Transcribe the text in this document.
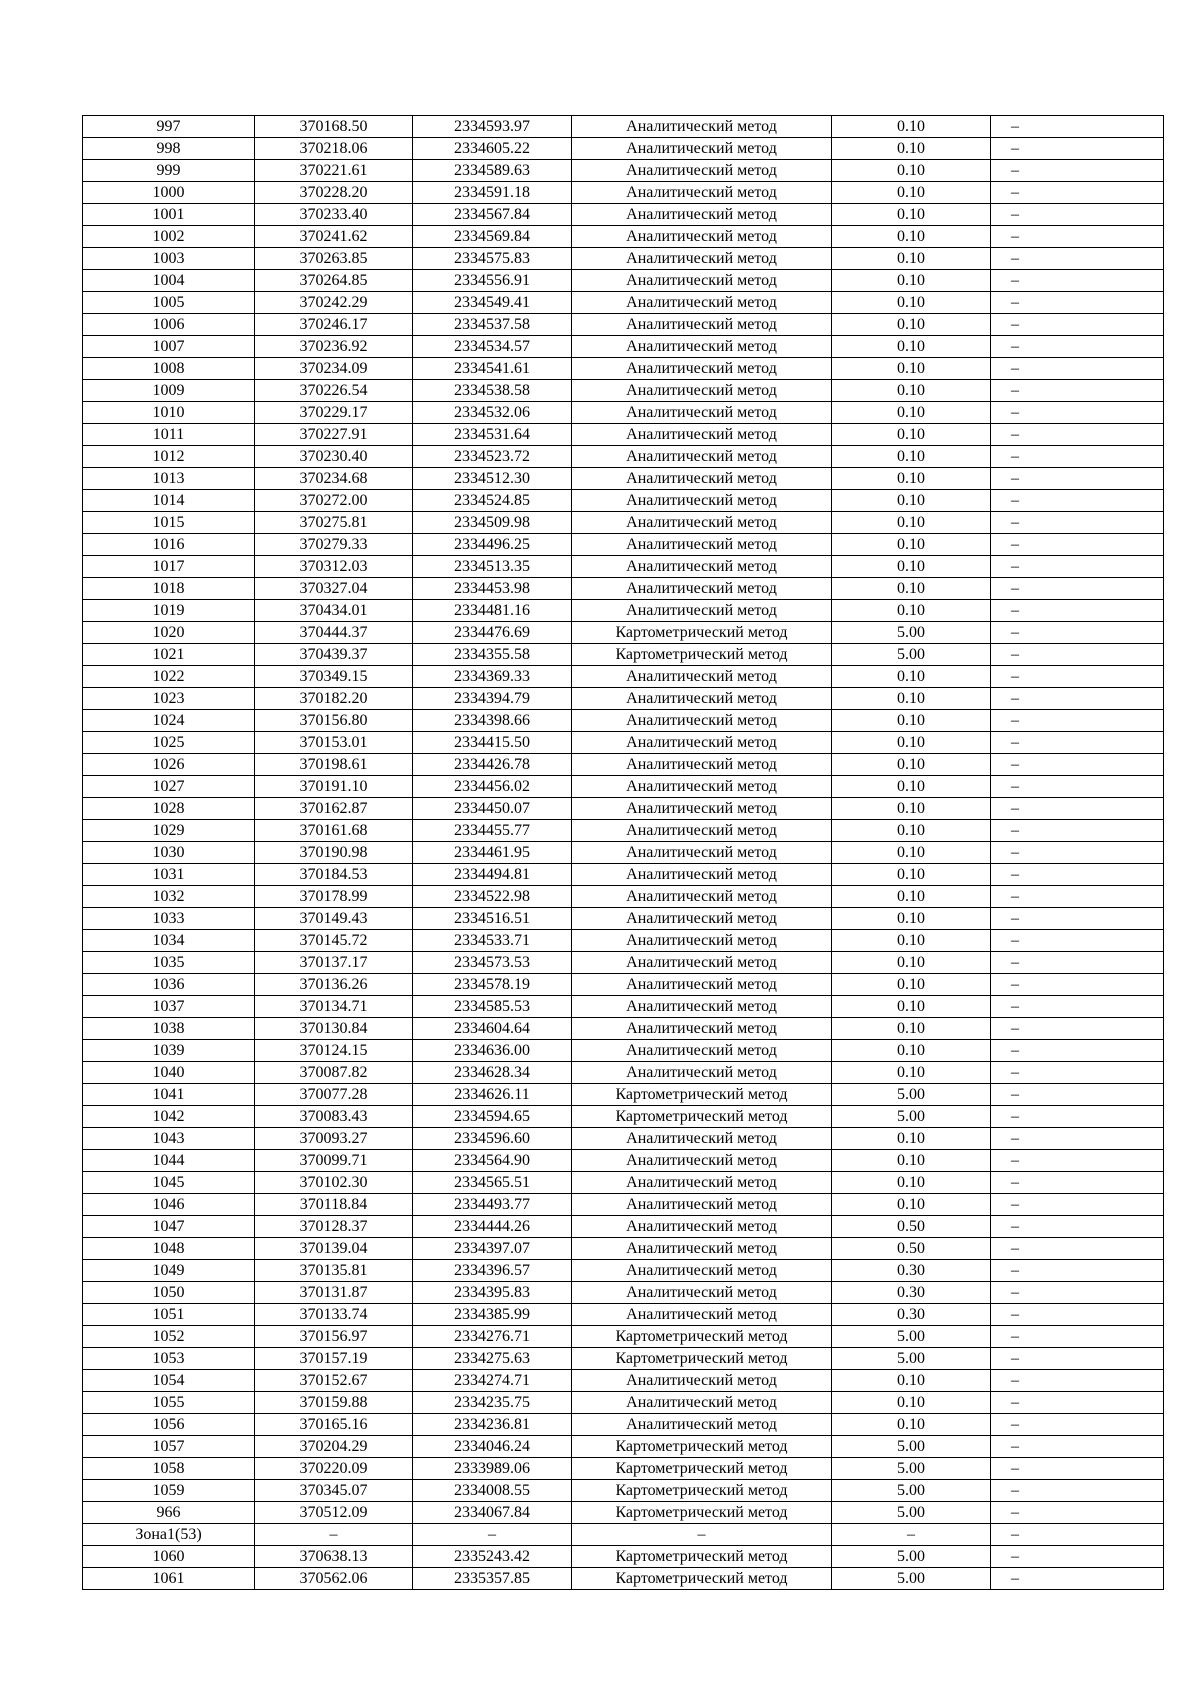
997	370168.50	2334593.97	Аналитический метод	0.10	–
998	370218.06	2334605.22	Аналитический метод	0.10	–
999	370221.61	2334589.63	Аналитический метод	0.10	–
1000	370228.20	2334591.18	Аналитический метод	0.10	–
1001	370233.40	2334567.84	Аналитический метод	0.10	–
1002	370241.62	2334569.84	Аналитический метод	0.10	–
1003	370263.85	2334575.83	Аналитический метод	0.10	–
1004	370264.85	2334556.91	Аналитический метод	0.10	–
1005	370242.29	2334549.41	Аналитический метод	0.10	–
1006	370246.17	2334537.58	Аналитический метод	0.10	–
1007	370236.92	2334534.57	Аналитический метод	0.10	–
1008	370234.09	2334541.61	Аналитический метод	0.10	–
1009	370226.54	2334538.58	Аналитический метод	0.10	–
1010	370229.17	2334532.06	Аналитический метод	0.10	–
1011	370227.91	2334531.64	Аналитический метод	0.10	–
1012	370230.40	2334523.72	Аналитический метод	0.10	–
1013	370234.68	2334512.30	Аналитический метод	0.10	–
1014	370272.00	2334524.85	Аналитический метод	0.10	–
1015	370275.81	2334509.98	Аналитический метод	0.10	–
1016	370279.33	2334496.25	Аналитический метод	0.10	–
1017	370312.03	2334513.35	Аналитический метод	0.10	–
1018	370327.04	2334453.98	Аналитический метод	0.10	–
1019	370434.01	2334481.16	Аналитический метод	0.10	–
1020	370444.37	2334476.69	Картометрический метод	5.00	–
1021	370439.37	2334355.58	Картометрический метод	5.00	–
1022	370349.15	2334369.33	Аналитический метод	0.10	–
1023	370182.20	2334394.79	Аналитический метод	0.10	–
1024	370156.80	2334398.66	Аналитический метод	0.10	–
1025	370153.01	2334415.50	Аналитический метод	0.10	–
1026	370198.61	2334426.78	Аналитический метод	0.10	–
1027	370191.10	2334456.02	Аналитический метод	0.10	–
1028	370162.87	2334450.07	Аналитический метод	0.10	–
1029	370161.68	2334455.77	Аналитический метод	0.10	–
1030	370190.98	2334461.95	Аналитический метод	0.10	–
1031	370184.53	2334494.81	Аналитический метод	0.10	–
1032	370178.99	2334522.98	Аналитический метод	0.10	–
1033	370149.43	2334516.51	Аналитический метод	0.10	–
1034	370145.72	2334533.71	Аналитический метод	0.10	–
1035	370137.17	2334573.53	Аналитический метод	0.10	–
1036	370136.26	2334578.19	Аналитический метод	0.10	–
1037	370134.71	2334585.53	Аналитический метод	0.10	–
1038	370130.84	2334604.64	Аналитический метод	0.10	–
1039	370124.15	2334636.00	Аналитический метод	0.10	–
1040	370087.82	2334628.34	Аналитический метод	0.10	–
1041	370077.28	2334626.11	Картометрический метод	5.00	–
1042	370083.43	2334594.65	Картометрический метод	5.00	–
1043	370093.27	2334596.60	Аналитический метод	0.10	–
1044	370099.71	2334564.90	Аналитический метод	0.10	–
1045	370102.30	2334565.51	Аналитический метод	0.10	–
1046	370118.84	2334493.77	Аналитический метод	0.10	–
1047	370128.37	2334444.26	Аналитический метод	0.50	–
1048	370139.04	2334397.07	Аналитический метод	0.50	–
1049	370135.81	2334396.57	Аналитический метод	0.30	–
1050	370131.87	2334395.83	Аналитический метод	0.30	–
1051	370133.74	2334385.99	Аналитический метод	0.30	–
1052	370156.97	2334276.71	Картометрический метод	5.00	–
1053	370157.19	2334275.63	Картометрический метод	5.00	–
1054	370152.67	2334274.71	Аналитический метод	0.10	–
1055	370159.88	2334235.75	Аналитический метод	0.10	–
1056	370165.16	2334236.81	Аналитический метод	0.10	–
1057	370204.29	2334046.24	Картометрический метод	5.00	–
1058	370220.09	2333989.06	Картометрический метод	5.00	–
1059	370345.07	2334008.55	Картометрический метод	5.00	–
966	370512.09	2334067.84	Картометрический метод	5.00	–
Зона1(53)	–	–	–	–	–
1060	370638.13	2335243.42	Картометрический метод	5.00	–
1061	370562.06	2335357.85	Картометрический метод	5.00	–
